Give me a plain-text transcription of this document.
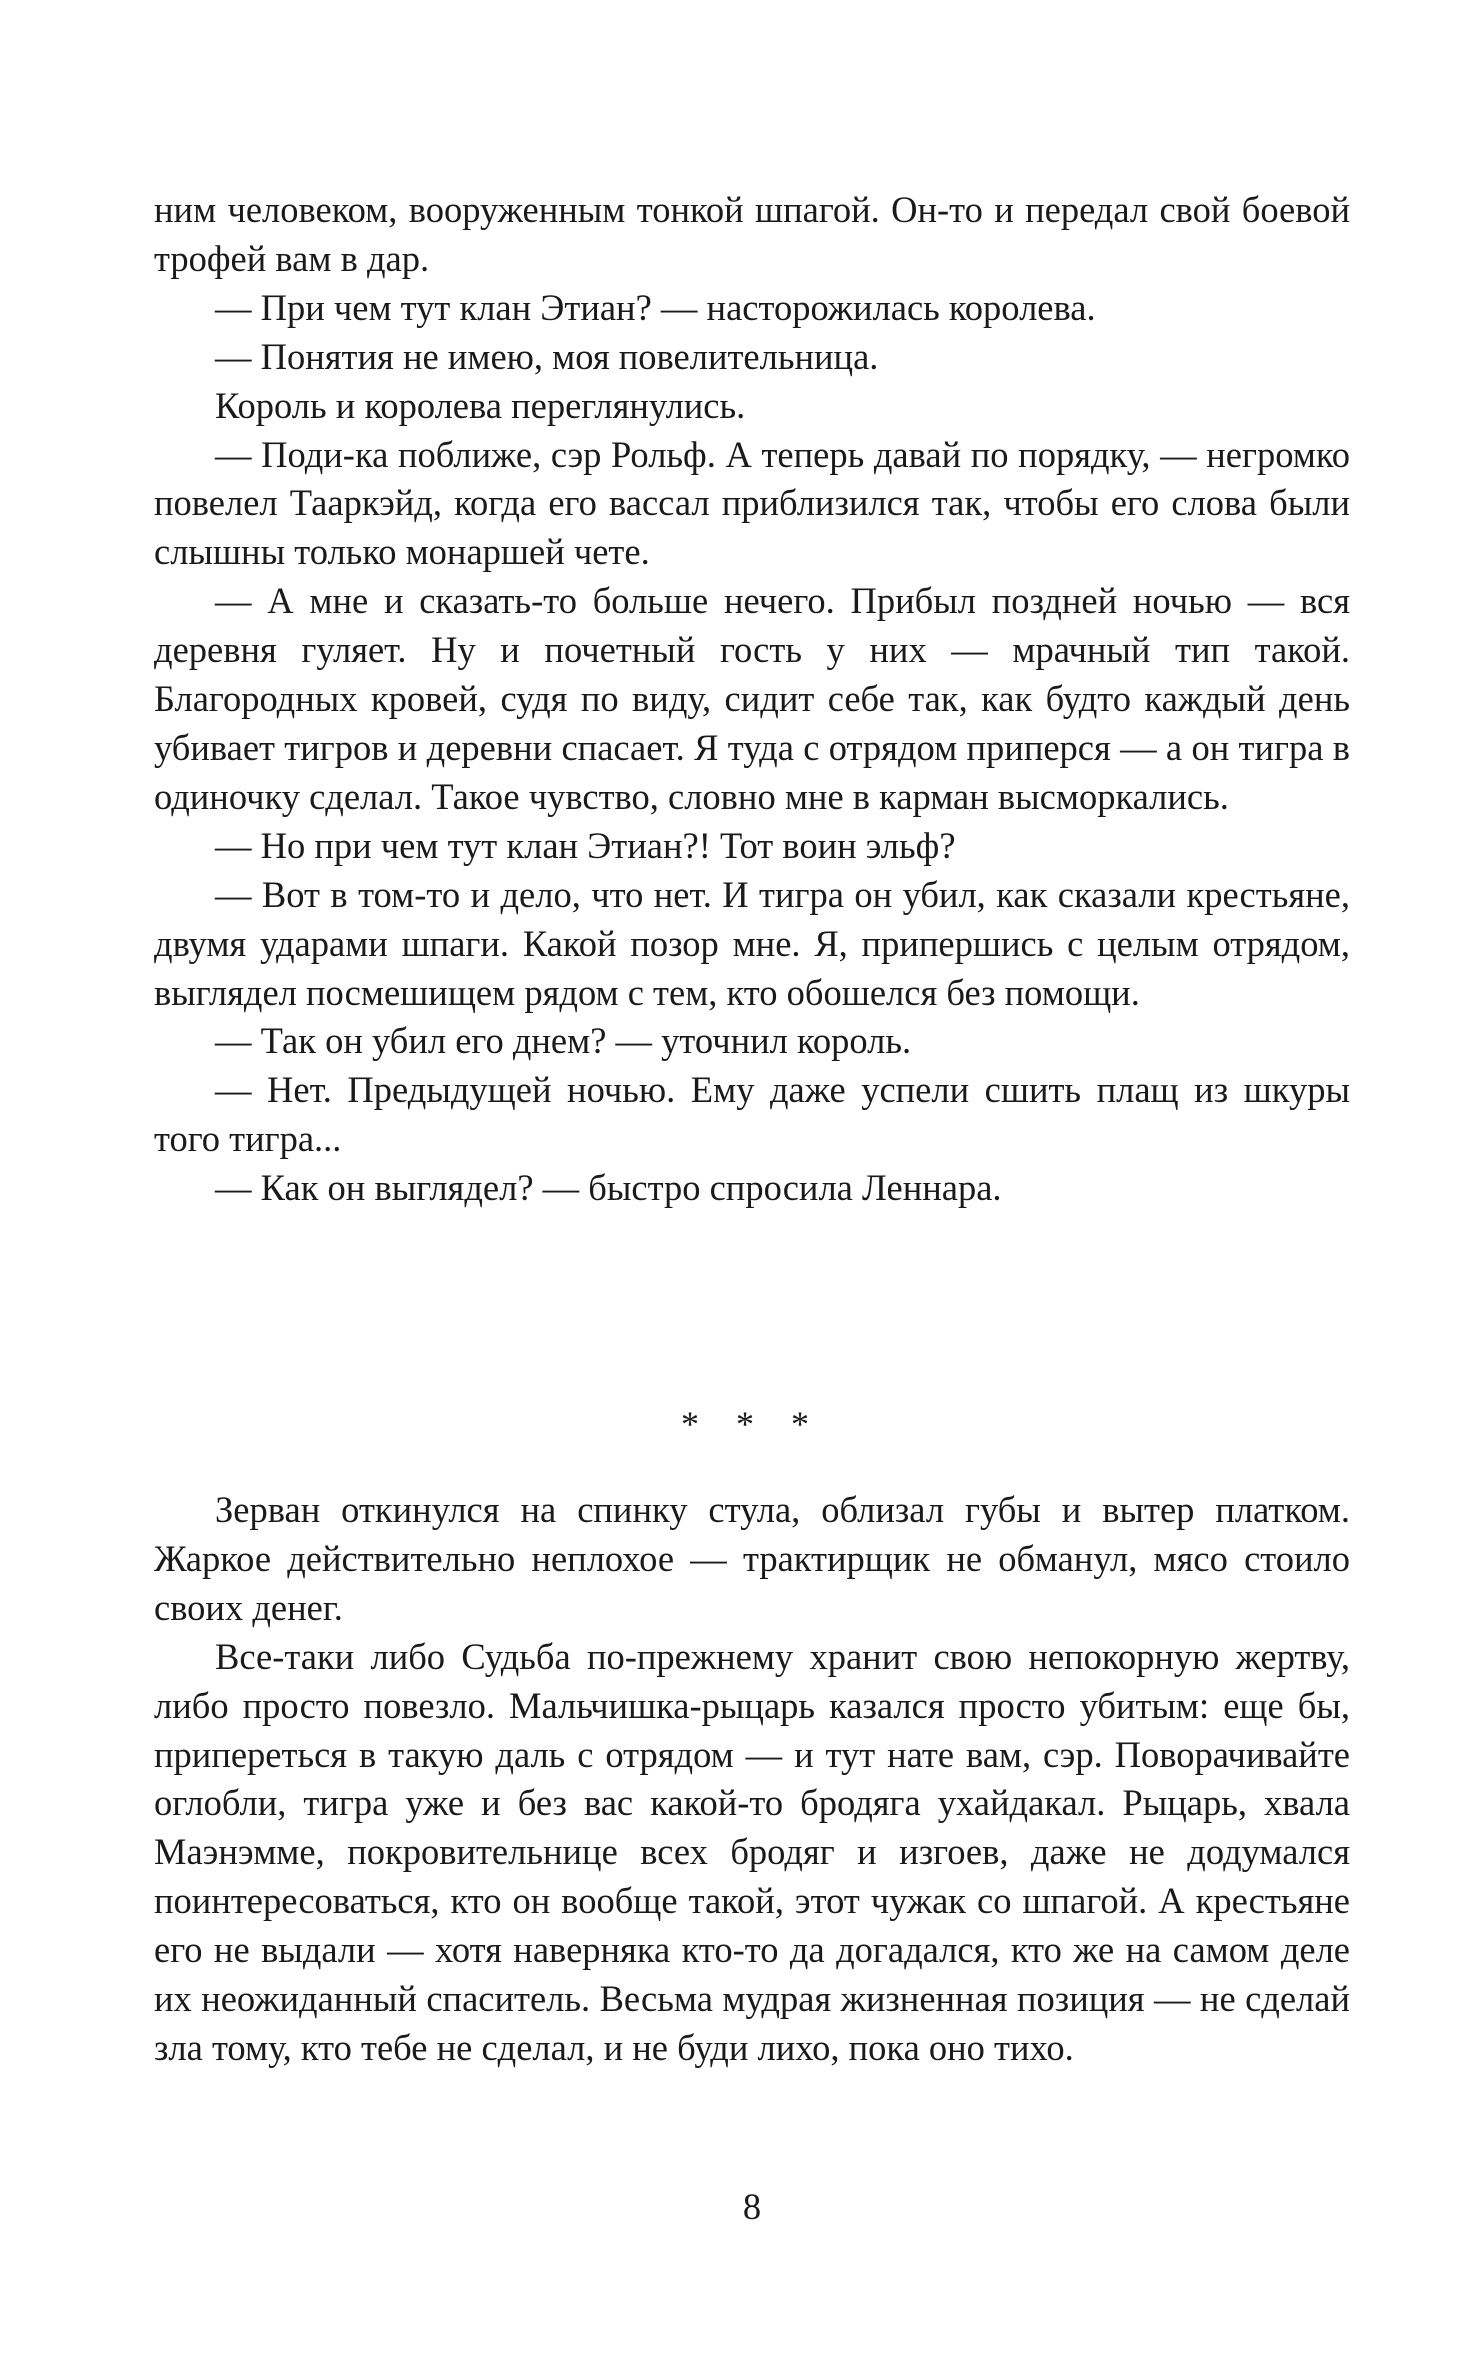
ним человеком, вооруженным тонкой шпагой. Он-то и передал свой боевой трофей вам в дар.

— При чем тут клан Этиан? — насторожилась королева.

— Понятия не имею, моя повелительница.

Король и королева переглянулись.

— Поди-ка поближе, сэр Рольф. А теперь давай по порядку, — негромко повелел Тааркэйд, когда его вассал приблизился так, чтобы его слова были слышны только монаршей чете.

— А мне и сказать-то больше нечего. Прибыл поздней ночью — вся деревня гуляет. Ну и почетный гость у них — мрачный тип такой. Благородных кровей, судя по виду, сидит себе так, как будто каждый день убивает тигров и деревни спасает. Я туда с отрядом приперся — а он тигра в одиночку сделал. Такое чувство, словно мне в карман высморкались.

— Но при чем тут клан Этиан?! Тот воин эльф?

— Вот в том-то и дело, что нет. И тигра он убил, как сказали крестьяне, двумя ударами шпаги. Какой позор мне. Я, припершись с целым отрядом, выглядел посмешищем рядом с тем, кто обошелся без помощи.

— Так он убил его днем? — уточнил король.

— Нет. Предыдущей ночью. Ему даже успели сшить плащ из шкуры того тигра...

— Как он выглядел? — быстро спросила Леннара.

* * *

Зерван откинулся на спинку стула, облизал губы и вытер платком. Жаркое действительно неплохое — трактирщик не обманул, мясо стоило своих денег.

Все-таки либо Судьба по-прежнему хранит свою непокорную жертву, либо просто повезло. Мальчишка-рыцарь казался просто убитым: еще бы, припереться в такую даль с отрядом — и тут нате вам, сэр. Поворачивайте оглобли, тигра уже и без вас какой-то бродяга ухайдакал. Рыцарь, хвала Маэнэмме, покровительнице всех бродяг и изгоев, даже не додумался поинтересоваться, кто он вообще такой, этот чужак со шпагой. А крестьяне его не выдали — хотя наверняка кто-то да догадался, кто же на самом деле их неожиданный спаситель. Весьма мудрая жизненная позиция — не сделай зла тому, кто тебе не сделал, и не буди лихо, пока оно тихо.

8
